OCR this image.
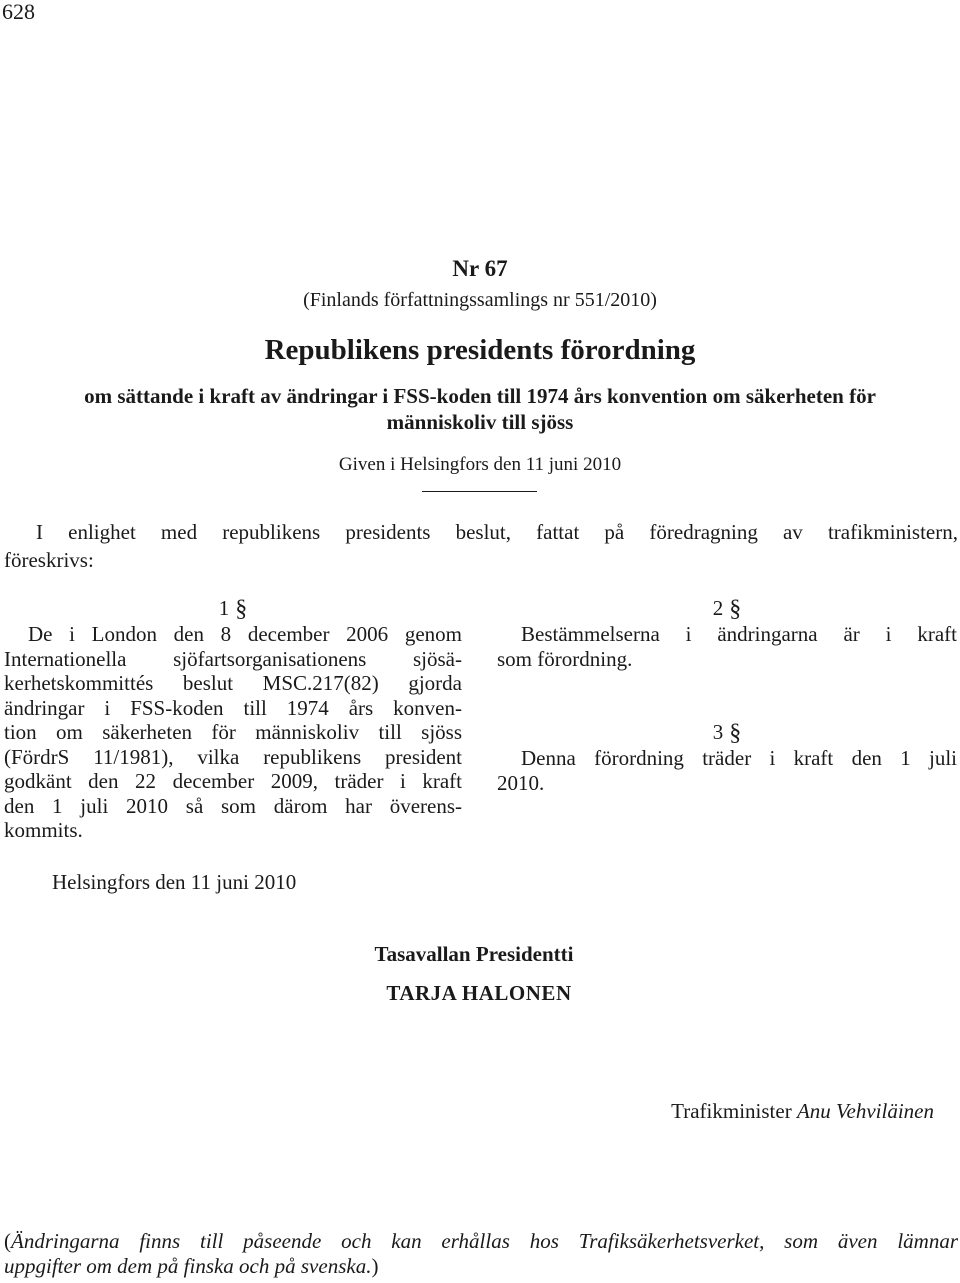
628
Nr 67
(Finlands författningssamlings nr 551/2010)
Republikens presidents förordning
om sättande i kraft av ändringar i FSS-koden till 1974 års konvention om säkerheten för
människoliv till sjöss
Given i Helsingfors den 11 juni 2010
I enlighet med republikens presidents beslut, fattat på föredragning av trafikministern,
föreskrivs:
1 §
De i London den 8 december 2006 genom
Internationella sjöfartsorganisationens sjösä-
kerhetskommittés beslut MSC.217(82) gjorda
ändringar i FSS-koden till 1974 års konven-
tion om säkerheten för människoliv till sjöss
(FördrS 11/1981), vilka republikens president
godkänt den 22 december 2009, träder i kraft
den 1 juli 2010 så som därom har överens-
kommits.
2 §
Bestämmelserna i ändringarna är i kraft
som förordning.
3 §
Denna förordning träder i kraft den 1 juli
2010.
Helsingfors den 11 juni 2010
Tasavallan Presidentti
TARJA HALONEN
Trafikminister Anu Vehviläinen
(Ändringarna finns till påseende och kan erhållas hos Trafiksäkerhetsverket, som även lämnar
uppgifter om dem på finska och på svenska.)
